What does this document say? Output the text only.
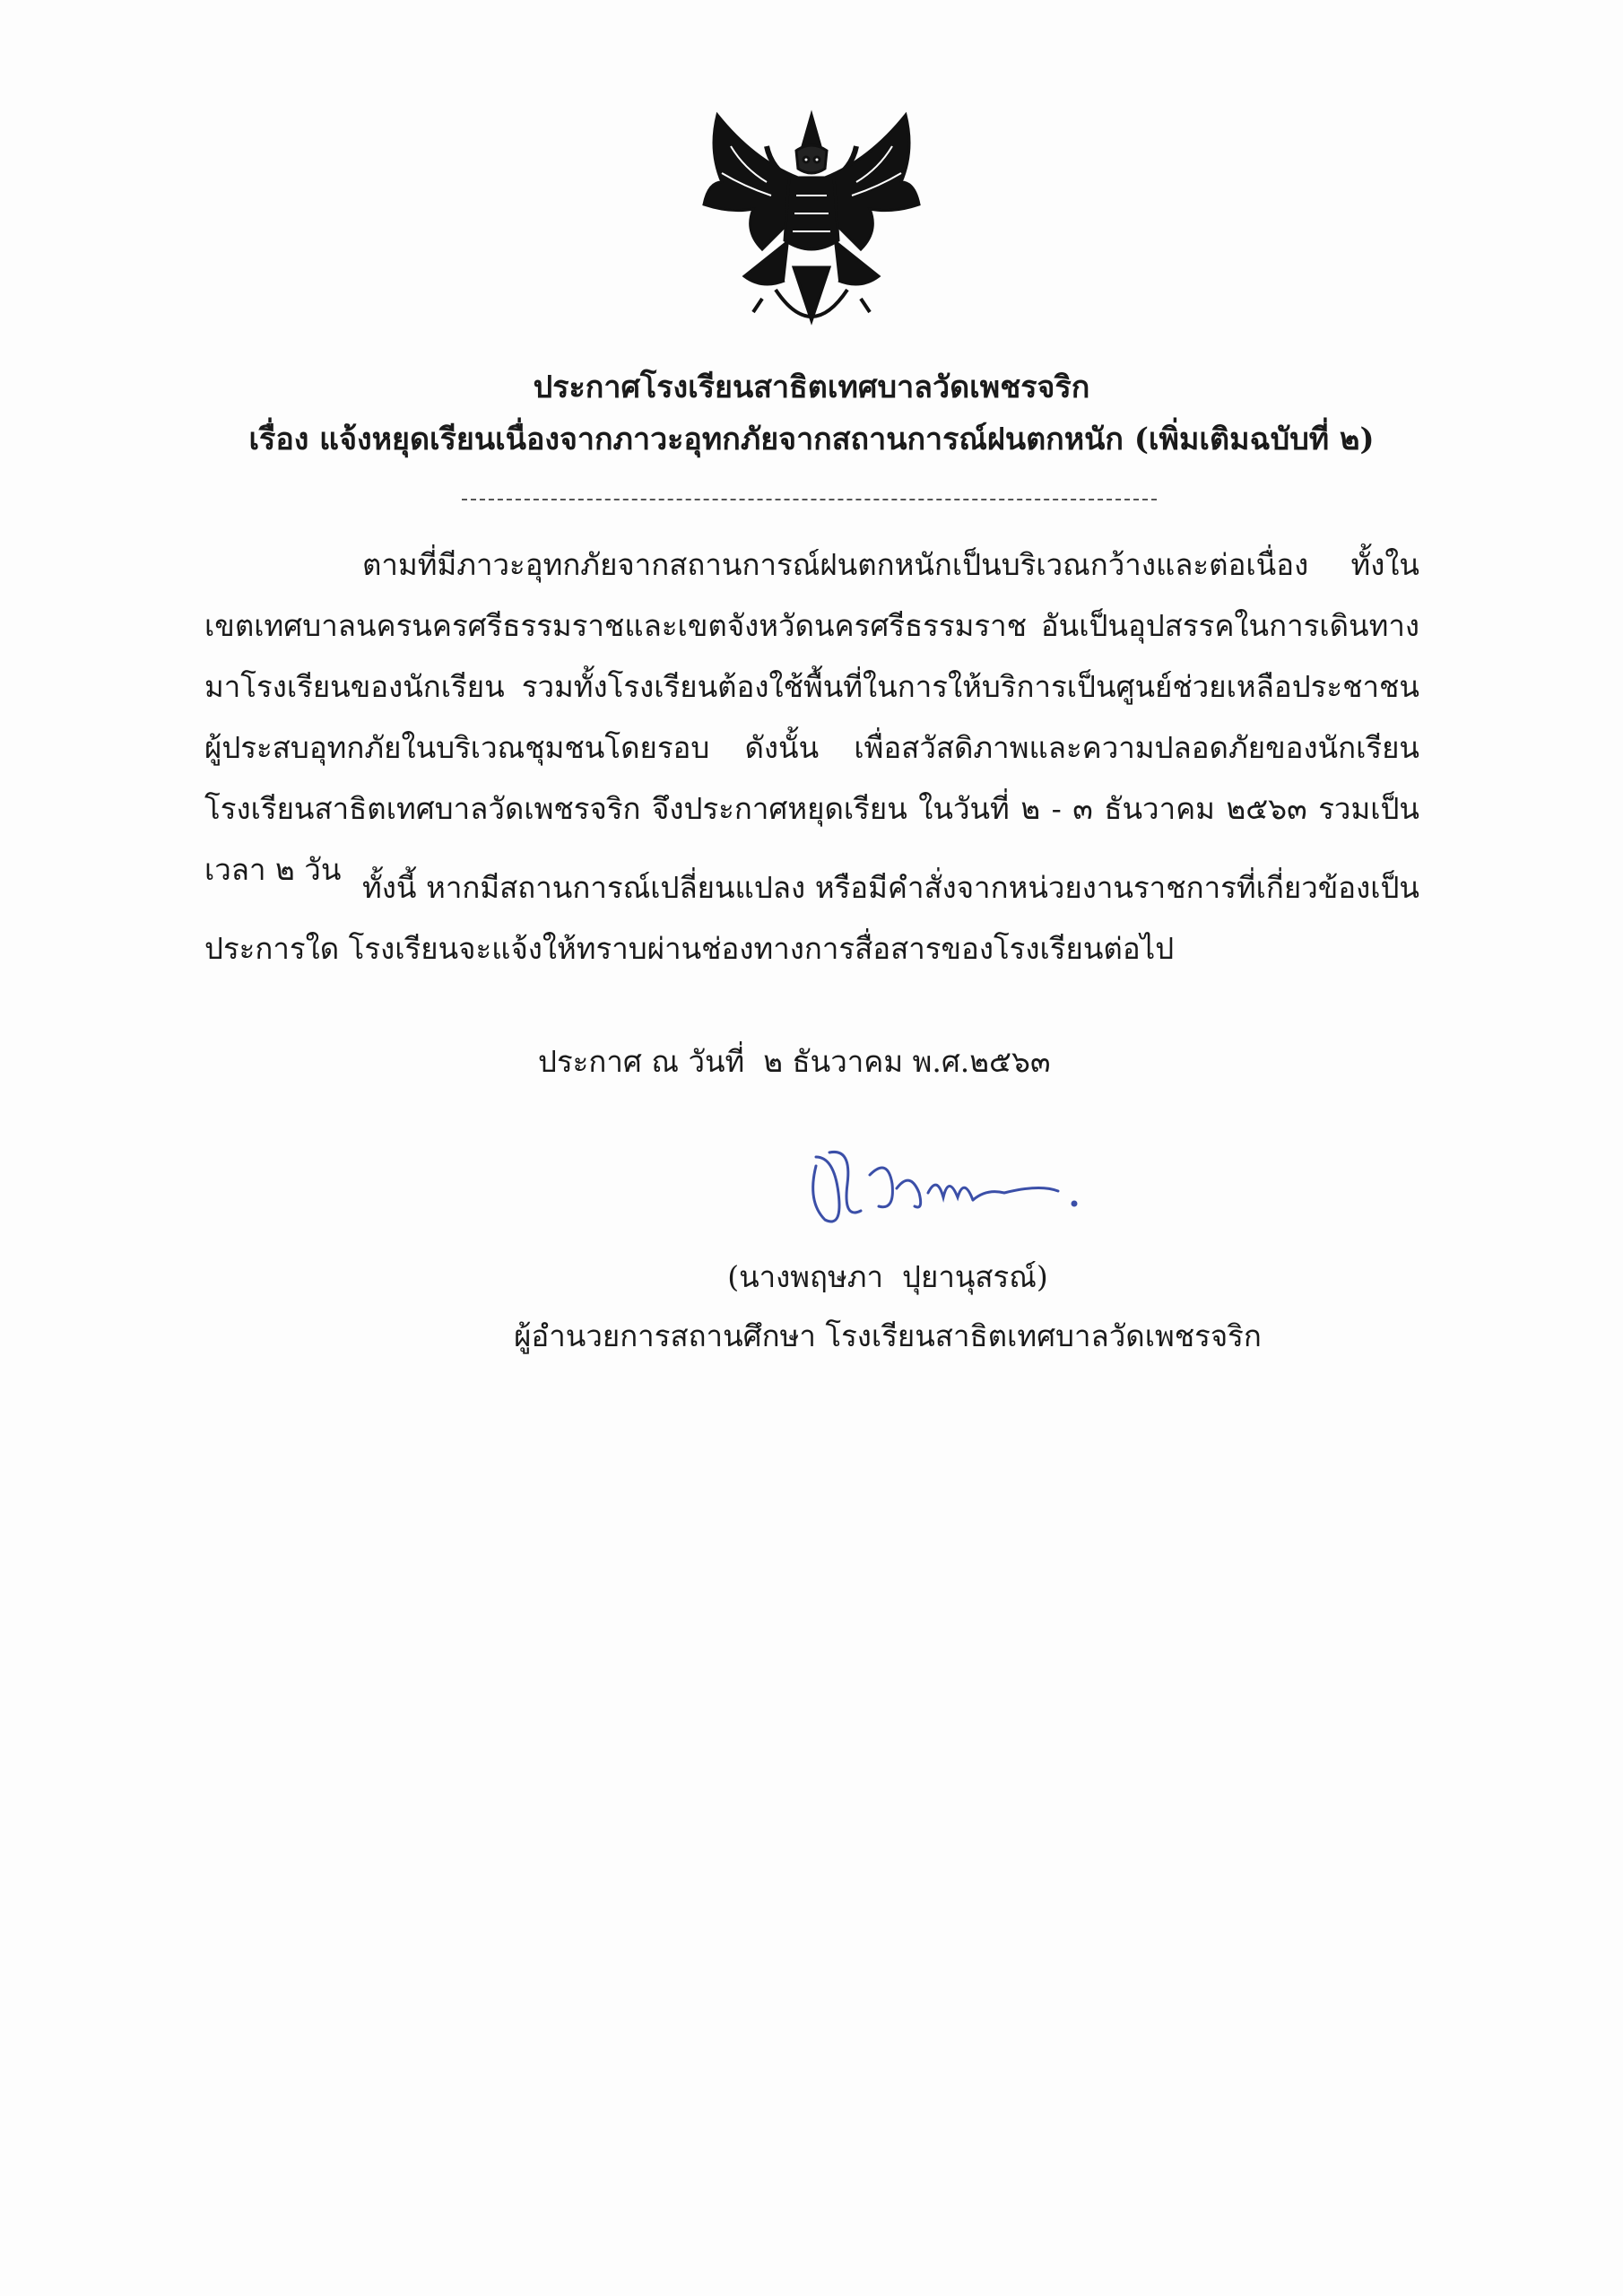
ประกาศโรงเรียนสาธิตเทศบาลวัดเพชรจริก
เรื่อง แจ้งหยุดเรียนเนื่องจากภาวะอุทกภัยจากสถานการณ์ฝนตกหนัก (เพิ่มเติมฉบับที่ ๒)
ตามที่มีภาวะอุทกภัยจากสถานการณ์ฝนตกหนักเป็นบริเวณกว้างและต่อเนื่อง ทั้งในเขตเทศบาลนครนครศรีธรรมราชและเขตจังหวัดนครศรีธรรมราช อันเป็นอุปสรรคในการเดินทางมาโรงเรียนของนักเรียน รวมทั้งโรงเรียนต้องใช้พื้นที่ในการให้บริการเป็นศูนย์ช่วยเหลือประชาชนผู้ประสบอุทกภัยในบริเวณชุมชนโดยรอบ ดังนั้น เพื่อสวัสดิภาพและความปลอดภัยของนักเรียน โรงเรียนสาธิตเทศบาลวัดเพชรจริก จึงประกาศหยุดเรียน ในวันที่ ๒ - ๓ ธันวาคม ๒๕๖๓ รวมเป็นเวลา ๒ วัน
ทั้งนี้ หากมีสถานการณ์เปลี่ยนแปลง หรือมีคำสั่งจากหน่วยงานราชการที่เกี่ยวข้องเป็นประการใด โรงเรียนจะแจ้งให้ทราบผ่านช่องทางการสื่อสารของโรงเรียนต่อไป
ประกาศ ณ วันที่  ๒ ธันวาคม พ.ศ.๒๕๖๓
(นางพฤษภา  ปุยานุสรณ์)
ผู้อำนวยการสถานศึกษา โรงเรียนสาธิตเทศบาลวัดเพชรจริก
